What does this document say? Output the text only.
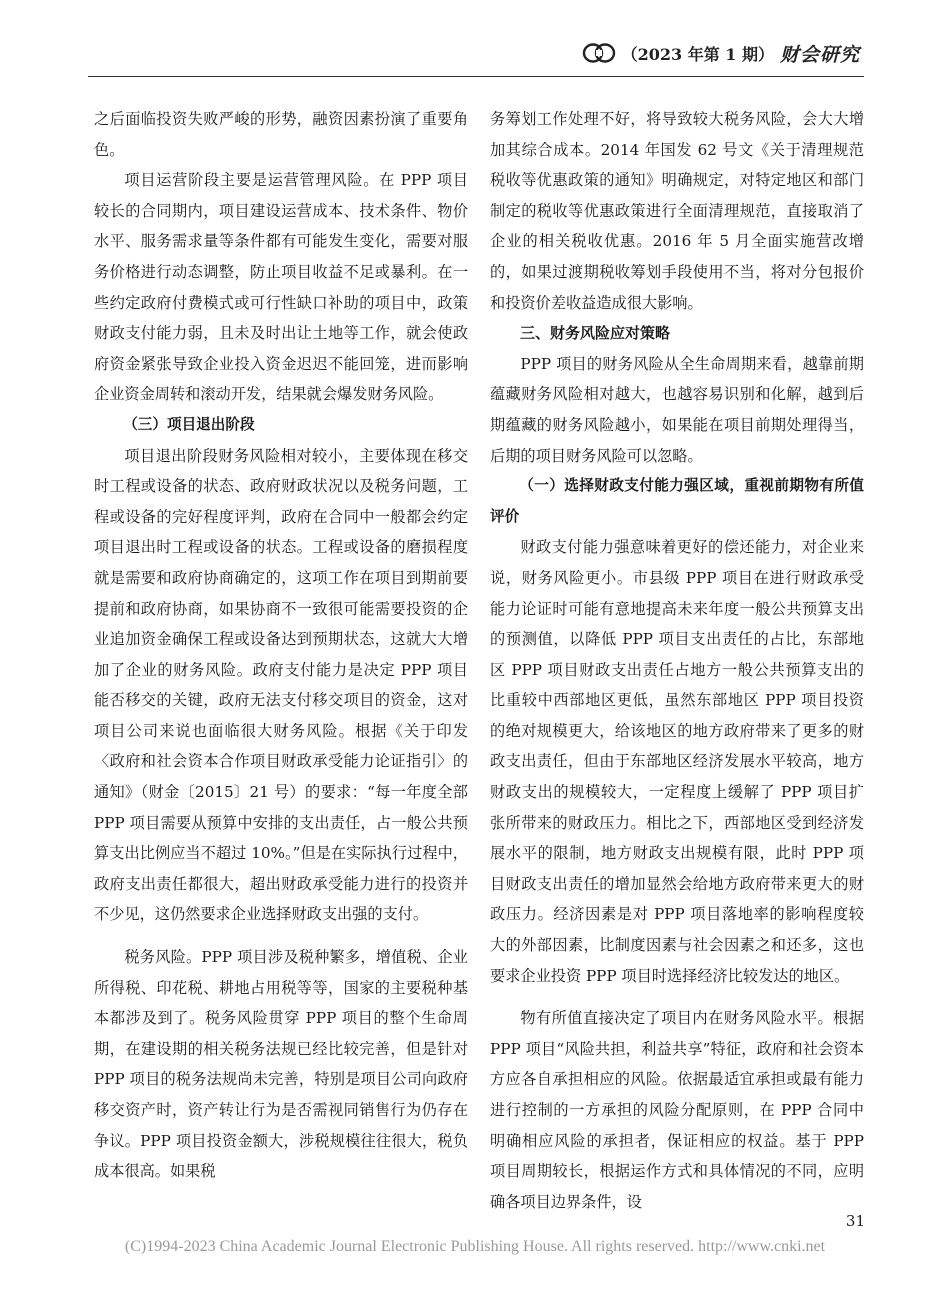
（2023 年第 1 期） 财会研究

之后面临投资失败严峻的形势，融资因素扮演了重要角色。

项目运营阶段主要是运营管理风险。在 PPP 项目较长的合同期内，项目建设运营成本、技术条件、物价水平、服务需求量等条件都有可能发生变化，需要对服务价格进行动态调整，防止项目收益不足或暴利。在一些约定政府付费模式或可行性缺口补助的项目中，政策财政支付能力弱，且未及时出让土地等工作，就会使政府资金紧张导致企业投入资金迟迟不能回笼，进而影响企业资金周转和滚动开发，结果就会爆发财务风险。

（三）项目退出阶段

项目退出阶段财务风险相对较小，主要体现在移交时工程或设备的状态、政府财政状况以及税务问题，工程或设备的完好程度评判，政府在合同中一般都会约定项目退出时工程或设备的状态。工程或设备的磨损程度就是需要和政府协商确定的，这项工作在项目到期前要提前和政府协商，如果协商不一致很可能需要投资的企业追加资金确保工程或设备达到预期状态，这就大大增加了企业的财务风险。政府支付能力是决定 PPP 项目能否移交的关键，政府无法支付移交项目的资金，这对项目公司来说也面临很大财务风险。根据《关于印发〈政府和社会资本合作项目财政承受能力论证指引〉的通知》（财金〔2015〕21 号）的要求：“每一年度全部 PPP 项目需要从预算中安排的支出责任，占一般公共预算支出比例应当不超过 10%。”但是在实际执行过程中，政府支出责任都很大，超出财政承受能力进行的投资并不少见，这仍然要求企业选择财政支出强的支付。

税务风险。PPP 项目涉及税种繁多，增值税、企业所得税、印花税、耕地占用税等等，国家的主要税种基本都涉及到了。税务风险贯穿 PPP 项目的整个生命周期，在建设期的相关税务法规已经比较完善，但是针对 PPP 项目的税务法规尚未完善，特别是项目公司向政府移交资产时，资产转让行为是否需视同销售行为仍存在争议。PPP 项目投资金额大，涉税规模往往很大，税负成本很高。如果税

务筹划工作处理不好，将导致较大税务风险，会大大增加其综合成本。2014 年国发 62 号文《关于清理规范税收等优惠政策的通知》明确规定，对特定地区和部门制定的税收等优惠政策进行全面清理规范，直接取消了企业的相关税收优惠。2016 年 5 月全面实施营改增的，如果过渡期税收筹划手段使用不当，将对分包报价和投资价差收益造成很大影响。

三、财务风险应对策略

PPP 项目的财务风险从全生命周期来看，越靠前期蕴藏财务风险相对越大，也越容易识别和化解，越到后期蕴藏的财务风险越小，如果能在项目前期处理得当，后期的项目财务风险可以忽略。

（一）选择财政支付能力强区域，重视前期物有所值评价

财政支付能力强意味着更好的偿还能力，对企业来说，财务风险更小。市县级 PPP 项目在进行财政承受能力论证时可能有意地提高未来年度一般公共预算支出的预测值，以降低 PPP 项目支出责任的占比，东部地区 PPP 项目财政支出责任占地方一般公共预算支出的比重较中西部地区更低，虽然东部地区 PPP 项目投资的绝对规模更大，给该地区的地方政府带来了更多的财政支出责任，但由于东部地区经济发展水平较高，地方财政支出的规模较大，一定程度上缓解了 PPP 项目扩张所带来的财政压力。相比之下，西部地区受到经济发展水平的限制，地方财政支出规模有限，此时 PPP 项目财政支出责任的增加显然会给地方政府带来更大的财政压力。经济因素是对 PPP 项目落地率的影响程度较大的外部因素，比制度因素与社会因素之和还多，这也要求企业投资 PPP 项目时选择经济比较发达的地区。

物有所值直接决定了项目内在财务风险水平。根据 PPP 项目“风险共担，利益共享”特征，政府和社会资本方应各自承担相应的风险。依据最适宜承担或最有能力进行控制的一方承担的风险分配原则，在 PPP 合同中明确相应风险的承担者，保证相应的权益。基于 PPP 项目周期较长，根据运作方式和具体情况的不同，应明确各项目边界条件，设

31
(C)1994-2023 China Academic Journal Electronic Publishing House. All rights reserved. http://www.cnki.net
